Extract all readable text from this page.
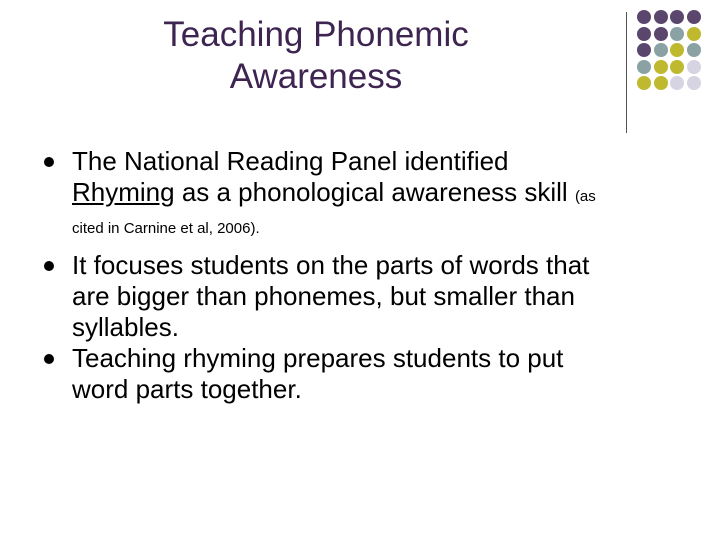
Teaching Phonemic
Awareness
The National Reading Panel identified
Rhyming as a phonological awareness skill (as
cited in Carnine et al, 2006).
It focuses students on the parts of words that
are bigger than phonemes, but smaller than
syllables.
Teaching rhyming prepares students to put
word parts together.
